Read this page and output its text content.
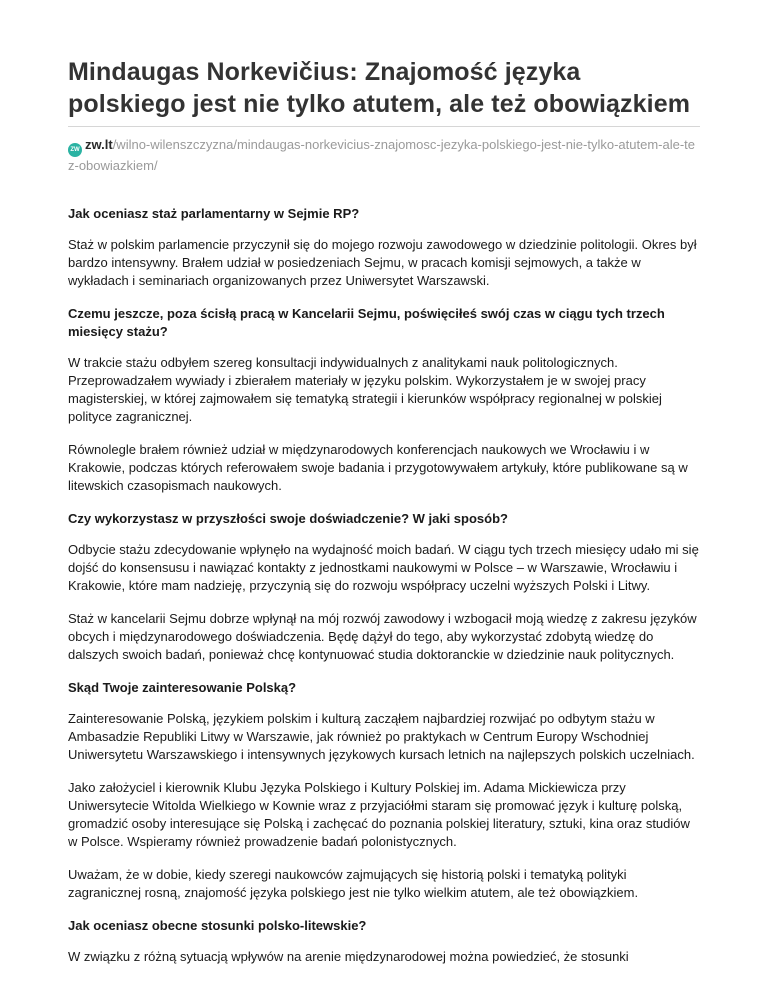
Mindaugas Norkevičius: Znajomość języka polskiego jest nie tylko atutem, ale też obowiązkiem
ZW zw.lt/wilno-wilenszczyzna/mindaugas-norkevicius-znajomosc-jezyka-polskiego-jest-nie-tylko-atutem-ale-tez-obowiazkiem/

Jak oceniasz staż parlamentarny w Sejmie RP?

Staż w polskim parlamencie przyczynił się do mojego rozwoju zawodowego w dziedzinie politologii. Okres był bardzo intensywny. Brałem udział w posiedzeniach Sejmu, w pracach komisji sejmowych, a także w wykładach i seminariach organizowanych przez Uniwersytet Warszawski.

Czemu jeszcze, poza ścisłą pracą w Kancelarii Sejmu, poświęciłeś swój czas w ciągu tych trzech miesięcy stażu?

W trakcie stażu odbyłem szereg konsultacji indywidualnych z analitykami nauk politologicznych. Przeprowadzałem wywiady i zbierałem materiały w języku polskim. Wykorzystałem je w swojej pracy magisterskiej, w której zajmowałem się tematyką strategii i kierunków współpracy regionalnej w polskiej polityce zagranicznej.

Równolegle brałem również udział w międzynarodowych konferencjach naukowych we Wrocławiu i w Krakowie, podczas których referowałem swoje badania i przygotowywałem artykuły, które publikowane są w litewskich czasopismach naukowych.

Czy wykorzystasz w przyszłości swoje doświadczenie? W jaki sposób?

Odbycie stażu zdecydowanie wpłynęło na wydajność moich badań. W ciągu tych trzech miesięcy udało mi się dojść do konsensusu i nawiązać kontakty z jednostkami naukowymi w Polsce – w Warszawie, Wrocławiu i Krakowie, które mam nadzieję, przyczynią się do rozwoju współpracy uczelni wyższych Polski i Litwy.

Staż w kancelarii Sejmu dobrze wpłynął na mój rozwój zawodowy i wzbogacił moją wiedzę z zakresu języków obcych i międzynarodowego doświadczenia. Będę dążył do tego, aby wykorzystać zdobytą wiedzę do dalszych swoich badań, ponieważ chcę kontynuować studia doktoranckie w dziedzinie nauk politycznych.

Skąd Twoje zainteresowanie Polską?

Zainteresowanie Polską, językiem polskim i kulturą zacząłem najbardziej rozwijać po odbytym stażu w Ambasadzie Republiki Litwy w Warszawie, jak również po praktykach w Centrum Europy Wschodniej Uniwersytetu Warszawskiego i intensywnych językowych kursach letnich na najlepszych polskich uczelniach.

Jako założyciel i kierownik Klubu Języka Polskiego i Kultury Polskiej im. Adama Mickiewicza przy Uniwersytecie Witolda Wielkiego w Kownie wraz z przyjaciółmi staram się promować język i kulturę polską, gromadzić osoby interesujące się Polską i zachęcać do poznania polskiej literatury, sztuki, kina oraz studiów w Polsce. Wspieramy również prowadzenie badań polonistycznych.

Uważam, że w dobie, kiedy szeregi naukowców zajmujących się historią polski i tematyką polityki zagranicznej rosną, znajomość języka polskiego jest nie tylko wielkim atutem, ale też obowiązkiem.

Jak oceniasz obecne stosunki polsko-litewskie?

W związku z różną sytuacją wpływów na arenie międzynarodowej można powiedzieć, że stosunki
